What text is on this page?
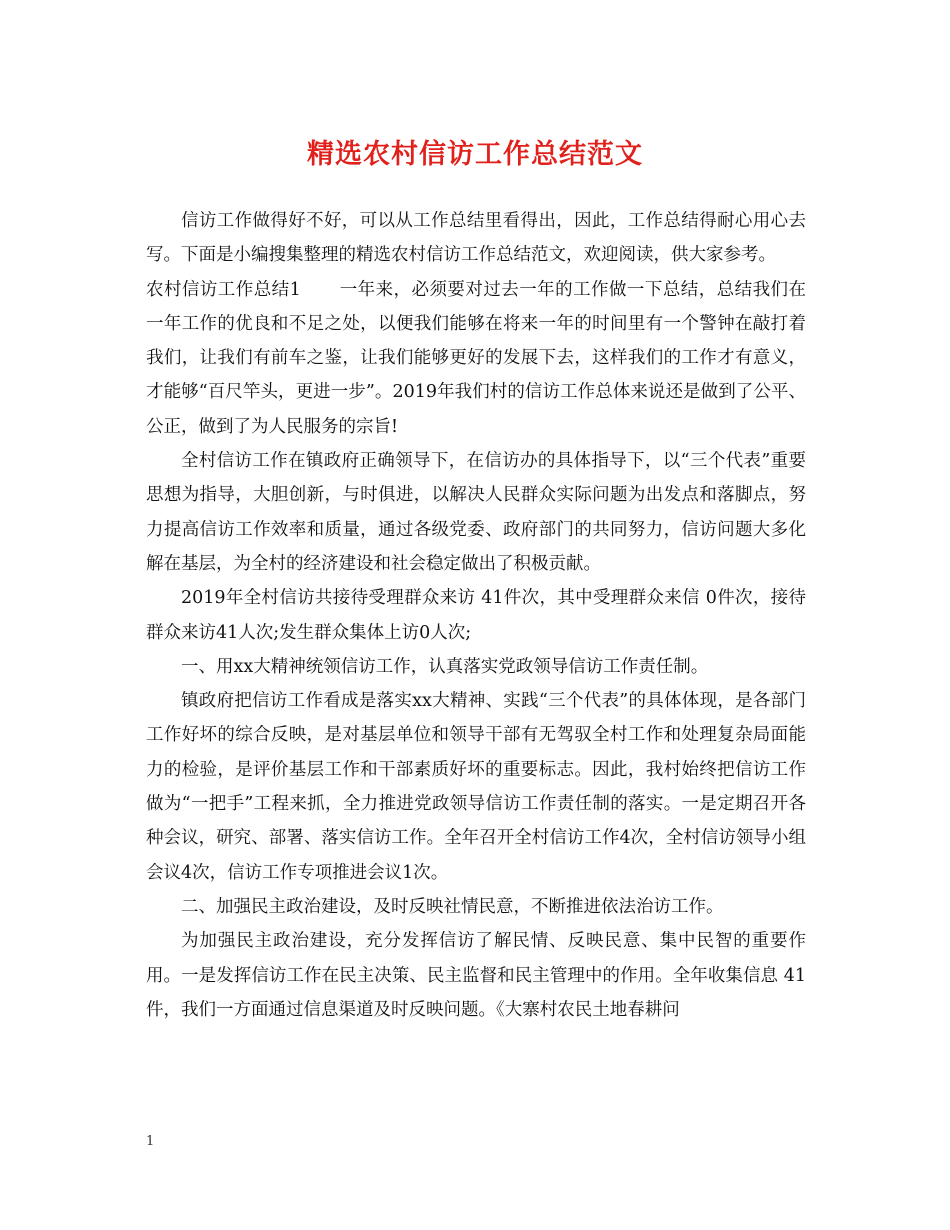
精选农村信访工作总结范文

信访工作做得好不好，可以从工作总结里看得出，因此，工作总结得耐心用心去写。下面是小编搜集整理的精选农村信访工作总结范文，欢迎阅读，供大家参考。

农村信访工作总结1 一年来，必须要对过去一年的工作做一下总结，总结我们在一年工作的优良和不足之处，以便我们能够在将来一年的时间里有一个警钟在敲打着我们，让我们有前车之鉴，让我们能够更好的发展下去，这样我们的工作才有意义，才能够“百尺竿头，更进一步”。2019年我们村的信访工作总体来说还是做到了公平、公正，做到了为人民服务的宗旨!

全村信访工作在镇政府正确领导下，在信访办的具体指导下，以“三个代表”重要思想为指导，大胆创新，与时俱进，以解决人民群众实际问题为出发点和落脚点，努力提高信访工作效率和质量，通过各级党委、政府部门的共同努力，信访问题大多化解在基层，为全村的经济建设和社会稳定做出了积极贡献。

2019年全村信访共接待受理群众来访 41件次，其中受理群众来信 0件次，接待群众来访41人次;发生群众集体上访0人次;

一、用xx大精神统领信访工作，认真落实党政领导信访工作责任制。

镇政府把信访工作看成是落实xx大精神、实践“三个代表”的具体体现，是各部门工作好坏的综合反映，是对基层单位和领导干部有无驾驭全村工作和处理复杂局面能力的检验，是评价基层工作和干部素质好坏的重要标志。因此，我村始终把信访工作做为“一把手”工程来抓，全力推进党政领导信访工作责任制的落实。一是定期召开各种会议，研究、部署、落实信访工作。全年召开全村信访工作4次，全村信访领导小组会议4次，信访工作专项推进会议1次。

二、加强民主政治建设，及时反映社情民意，不断推进依法治访工作。

为加强民主政治建设，充分发挥信访了解民情、反映民意、集中民智的重要作用。一是发挥信访工作在民主决策、民主监督和民主管理中的作用。全年收集信息 41件，我们一方面通过信息渠道及时反映问题。《大寨村农民土地春耕问

1
